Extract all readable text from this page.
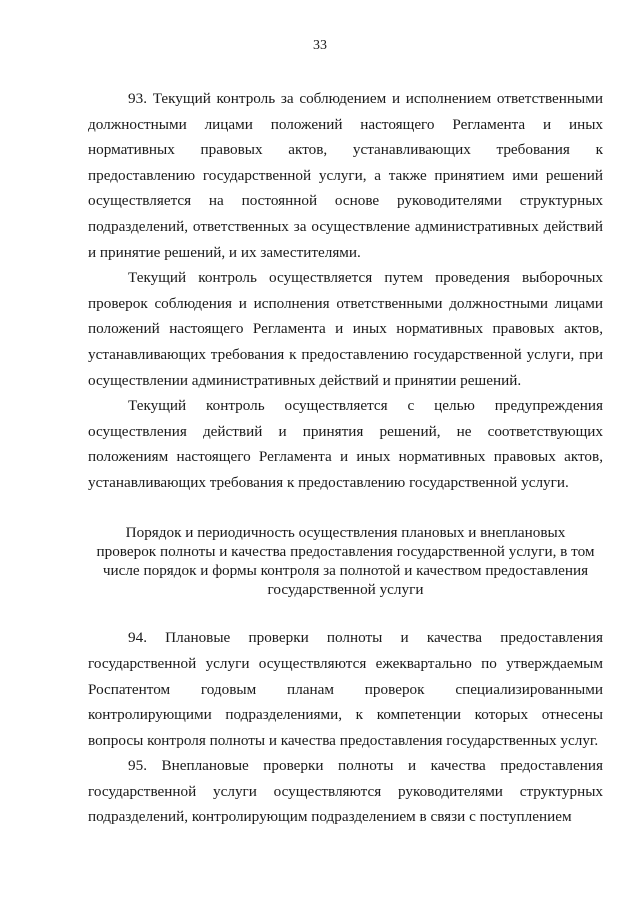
33

93. Текущий контроль за соблюдением и исполнением ответственными должностными лицами положений настоящего Регламента и иных нормативных правовых актов, устанавливающих требования к предоставлению государственной услуги, а также принятием ими решений осуществляется на постоянной основе руководителями структурных подразделений, ответственных за осуществление административных действий и принятие решений, и их заместителями.

Текущий контроль осуществляется путем проведения выборочных проверок соблюдения и исполнения ответственными должностными лицами положений настоящего Регламента и иных нормативных правовых актов, устанавливающих требования к предоставлению государственной услуги, при осуществлении административных действий и принятии решений.

Текущий контроль осуществляется с целью предупреждения осуществления действий и принятия решений, не соответствующих положениям настоящего Регламента и иных нормативных правовых актов, устанавливающих требования к предоставлению государственной услуги.

Порядок и периодичность осуществления плановых и внеплановых проверок полноты и качества предоставления государственной услуги, в том числе порядок и формы контроля за полнотой и качеством предоставления государственной услуги

94. Плановые проверки полноты и качества предоставления государственной услуги осуществляются ежеквартально по утверждаемым Роспатентом годовым планам проверок специализированными контролирующими подразделениями, к компетенции которых отнесены вопросы контроля полноты и качества предоставления государственных услуг.

95. Внеплановые проверки полноты и качества предоставления государственной услуги осуществляются руководителями структурных подразделений, контролирующим подразделением в связи с поступлением
